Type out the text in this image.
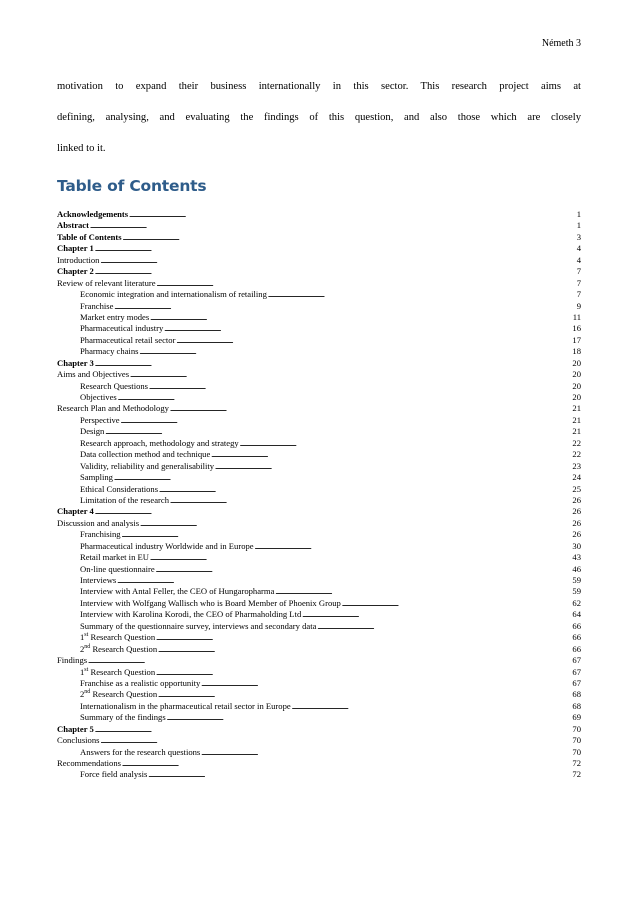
Németh 3
motivation to expand their business internationally in this sector. This research project aims at
defining, analysing, and evaluating the findings of this question, and also those which are closely
linked to it.
Table of Contents
Acknowledgements . . .	1
Abstract . . .	1
Table of Contents . . .	3
Chapter 1 . . .	4
Introduction . . .	4
Chapter 2 . . .	7
Review of relevant literature . . .	7
Economic integration and internationalism of retailing . . .	7
Franchise . . .	9
Market entry modes . . .	11
Pharmaceutical industry . . .	16
Pharmaceutical retail sector . . .	17
Pharmacy chains . . .	18
Chapter 3 . . .	20
Aims and Objectives . . .	20
Research Questions . . .	20
Objectives . . .	20
Research Plan and Methodology . . .	21
Perspective . . .	21
Design . . .	21
Research approach, methodology and strategy . . .	22
Data collection method and technique . . .	22
Validity, reliability and generalisability . . .	23
Sampling . . .	24
Ethical Considerations . . .	25
Limitation of the research . . .	26
Chapter 4 . . .	26
Discussion and analysis . . .	26
Franchising . . .	26
Pharmaceutical industry Worldwide and in Europe . . .	30
Retail market in EU . . .	43
On-line questionnaire . . .	46
Interviews . . .	59
Interview with Antal Feller, the CEO of Hungaropharma . . .	59
Interview with Wolfgang Wallisch who is Board Member of Phoenix Group . . .	62
Interview with Karolina Korodi, the CEO of Pharmaholding Ltd . . .	64
Summary of the questionnaire survey, interviews and secondary data . . .	66
1st Research Question . . .	66
2nd Research Question . . .	66
Findings . . .	67
1st Research Question . . .	67
Franchise as a realistic opportunity . . .	67
2nd Research Question . . .	68
Internationalism in the pharmaceutical retail sector in Europe . . .	68
Summary of the findings . . .	69
Chapter 5 . . .	70
Conclusions . . .	70
Answers for the research questions . . .	70
Recommendations . . .	72
Force field analysis . . .	72
